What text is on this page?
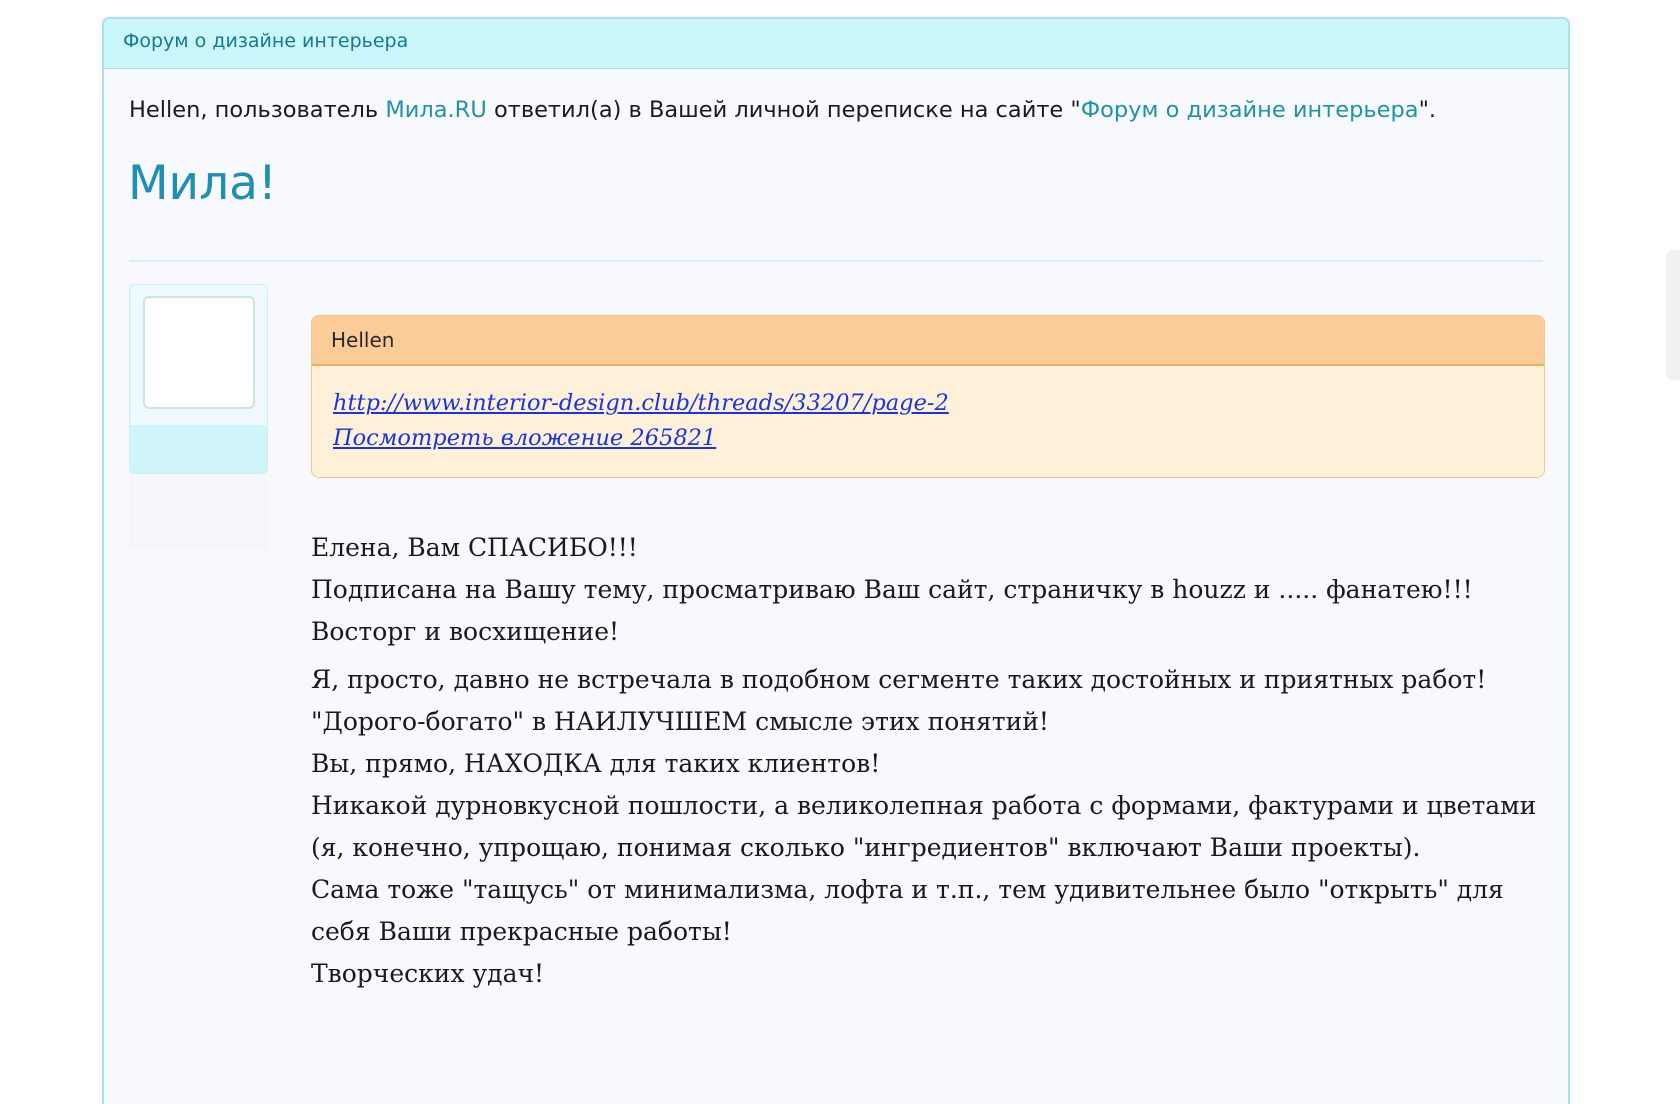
Форум о дизайне интерьера
Hellen, пользователь Мила.RU ответил(а) в Вашей личной переписке на сайте "Форум о дизайне интерьера".
Мила!
Hellen
http://www.interior-design.club/threads/33207/page-2
Посмотреть вложение 265821

Елена, Вам СПАСИБО!!!

Подписана на Вашу тему, просматриваю Ваш сайт, страничку в houzz и ..... фанатею!!!

Восторг и восхищение!

Я, просто, давно не встречала в подобном сегменте таких достойных и приятных работ!

"Дорого-богато" в НАИЛУЧШЕМ смысле этих понятий!

Вы, прямо, НАХОДКА для таких клиентов!

Никакой дурновкусной пошлости, а великолепная работа с формами, фактурами и цветами (я, конечно, упрощаю, понимая сколько "ингредиентов" включают Ваши проекты).

Сама тоже "тащусь" от минимализма, лофта и т.п., тем удивительнее было "открыть" для себя Ваши прекрасные работы!

Творческих удач!
